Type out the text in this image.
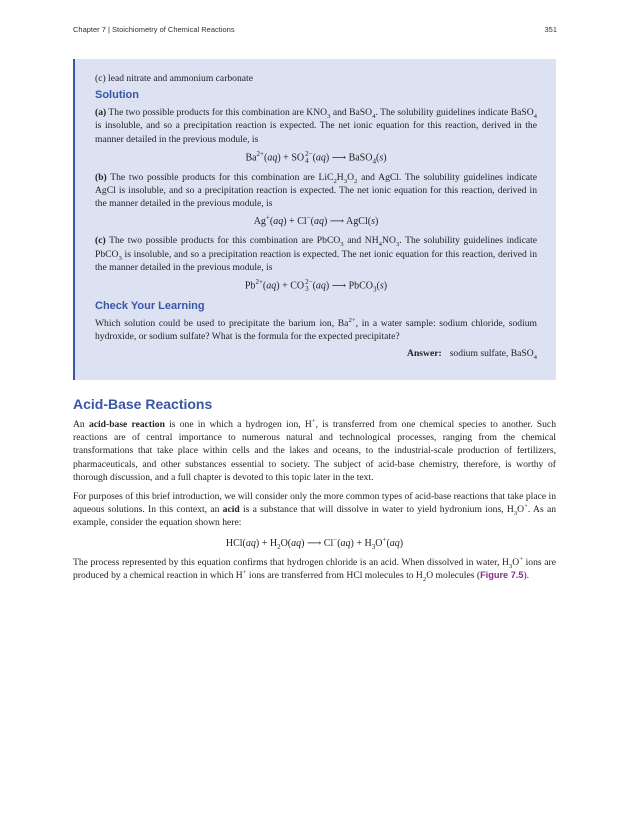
Chapter 7 | Stoichiometry of Chemical Reactions	351

(c) lead nitrate and ammonium carbonate

Solution

(a) The two possible products for this combination are $KNO_3$ and BaSO$_4$. The solubility guidelines indicate BaSO$_4$ is insoluble, and so a precipitation reaction is expected. The net ionic equation for this reaction, derived in the manner detailed in the previous module, is

$Ba^{2+}(aq)$ + SO 2−
4 (aq) ⟶ BaSO$_4$(s)

(b) The two possible products for this combination are $LiC_2H_3O_2$ and AgCl. The solubility guidelines indicate AgCl is insoluble, and so a precipitation reaction is expected. The net ionic equation for this reaction, derived in the manner detailed in the previous module, is

Ag+(aq) + Cl−(aq) ⟶ AgCl(s)

(c) The two possible products for this combination are PbCO$_3$ and $NH_4NO_3$. The solubility guidelines indicate PbCO$_3$ is insoluble, and so a precipitation reaction is expected. The net ionic equation for this reaction, derived in the manner detailed in the previous module, is

$Pb^{2+}(aq)$ + CO 2−
3 (aq) ⟶ PbCO$_3$(s)
Check Your Learning

Which solution could be used to precipitate the barium ion, $Ba^{2+}$, in a water sample: sodium chloride, sodium hydroxide, or sodium sulfate? What is the formula for the expected precipitate?

Answer: sodium sulfate, BaSO$_4$
Acid-Base Reactions

An acid-base reaction is one in which a hydrogen ion, H+, is transferred from one chemical species to another. Such reactions are of central importance to numerous natural and technological processes, ranging from the chemical transformations that take place within cells and the lakes and oceans, to the industrial-scale production of fertilizers, pharmaceuticals, and other substances essential to society. The subject of acid-base chemistry, therefore, is worthy of thorough discussion, and a full chapter is devoted to this topic later in the text.

For purposes of this brief introduction, we will consider only the more common types of acid-base reactions that take place in aqueous solutions. In this context, an acid is a substance that will dissolve in water to yield hydronium ions, $H_3O^+$. As an example, consider the equation shown here:

$HCl(aq) + H_2O(aq)$ ⟶ $Cl^-(aq) + H_3O^+(aq)$

The process represented by this equation confirms that hydrogen chloride is an acid. When dissolved in water, $H_3O^+$ ions are produced by a chemical reaction in which H+ ions are transferred from HCl molecules to $H_2O$ molecules (Figure 7.5).
